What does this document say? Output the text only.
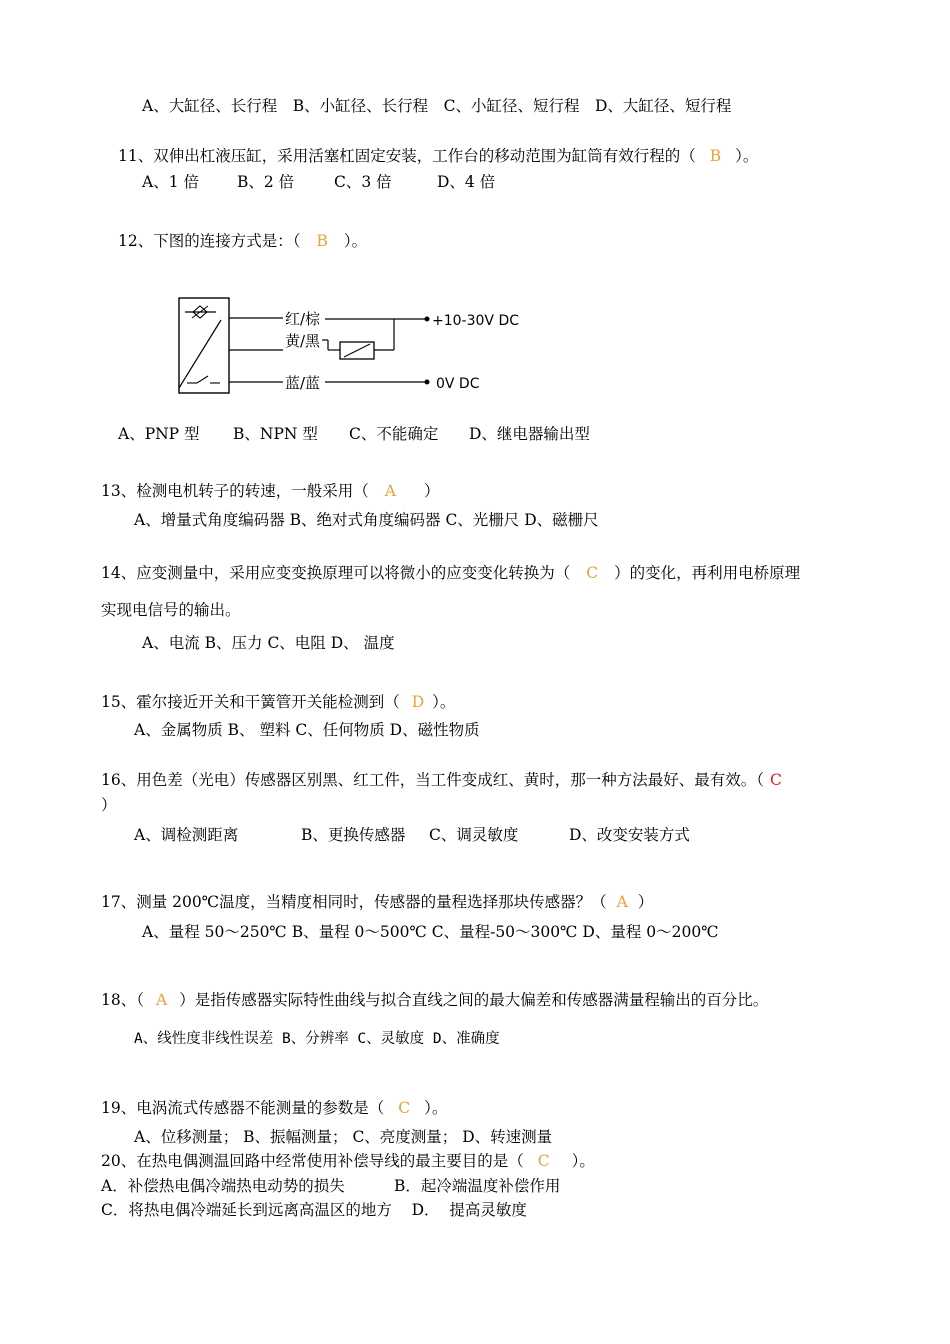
A、大缸径、长行程　B、小缸径、长行程　C、小缸径、短行程　D、大缸径、短行程
11、双伸出杠液压缸，采用活塞杠固定安装，工作台的移动范围为缸筒有效行程的（ B ）。
A、1 倍 B、2 倍	C、3 倍	D、4 倍
12、下图的连接方式是：（ B ）。
红/棕
黄/黑
蓝/蓝
+10-30V DC
0V DC
A、PNP 型 B、NPN 型 C、不能确定 D、继电器输出型
13、检测电机转子的转速，一般采用（ A ）
A、增量式角度编码器 B、绝对式角度编码器 C、光栅尺 D、磁栅尺
14、应变测量中，采用应变变换原理可以将微小的应变变化转换为（ C ）的变化，再利用电桥原理
实现电信号的输出。
A、电流 B、压力 C、电阻 D、 温度
15、霍尔接近开关和干簧管开关能检测到（ D ）。
A、金属物质 B、 塑料 C、任何物质 D、磁性物质
16、用色差（光电）传感器区别黑、红工件，当工件变成红、黄时，那一种方法最好、最有效。（ C
）
A、调检测距离	B、更换传感器 C、调灵敏度	D、改变安装方式
17、测量 200℃温度，当精度相同时，传感器的量程选择那块传感器？（ A ）
A、量程 50～250℃ B、量程 0～500℃ C、量程-50～300℃ D、量程 0～200℃
18、（ A ）是指传感器实际特性曲线与拟合直线之间的最大偏差和传感器满量程输出的百分比。
A、线性度非线性误差 B、分辨率 C、灵敏度 D、准确度
19、电涡流式传感器不能测量的参数是（ C ）。
A、位移测量； B、振幅测量； C、亮度测量； D、转速测量
20、在热电偶测温回路中经常使用补偿导线的最主要目的是（ C ）。
A．补偿热电偶冷端热电动势的损失          B．起冷端温度补偿作用
C．将热电偶冷端延长到远离高温区的地方    D．  提高灵敏度
